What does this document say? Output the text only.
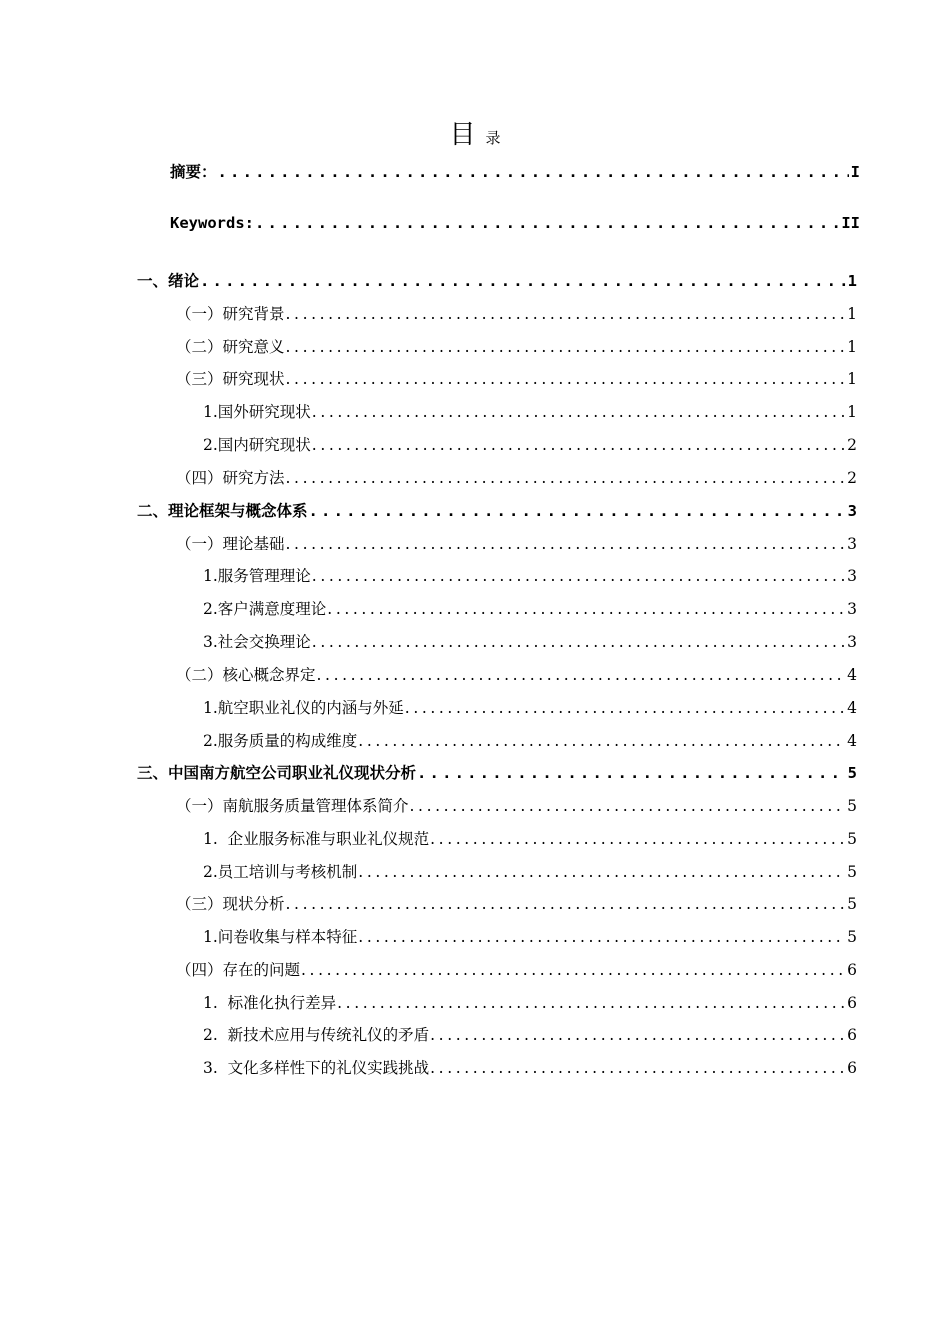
目录
摘要： .....	I
Keywords: .....	II
一、绪论 .....	1
（一）研究背景 .....	1
（二）研究意义 .....	1
（三）研究现状 .....	1
1.国外研究现状 .....	1
2.国内研究现状 .....	2
（四）研究方法 .....	2
二、理论框架与概念体系 .....	3
（一）理论基础 .....	3
1.服务管理理论 .....	3
2.客户满意度理论 .....	3
3.社会交换理论 .....	3
（二）核心概念界定 .....	4
1.航空职业礼仪的内涵与外延 .....	4
2.服务质量的构成维度 .....	4
三、中国南方航空公司职业礼仪现状分析 .....	5
（一）南航服务质量管理体系简介 .....	5
1.  企业服务标准与职业礼仪规范 .....	5
2.员工培训与考核机制 .....	5
（三）现状分析 .....	5
1.问卷收集与样本特征 .....	5
（四）存在的问题 .....	6
1.  标准化执行差异 .....	6
2.  新技术应用与传统礼仪的矛盾 .....	6
3.  文化多样性下的礼仪实践挑战 .....	6
